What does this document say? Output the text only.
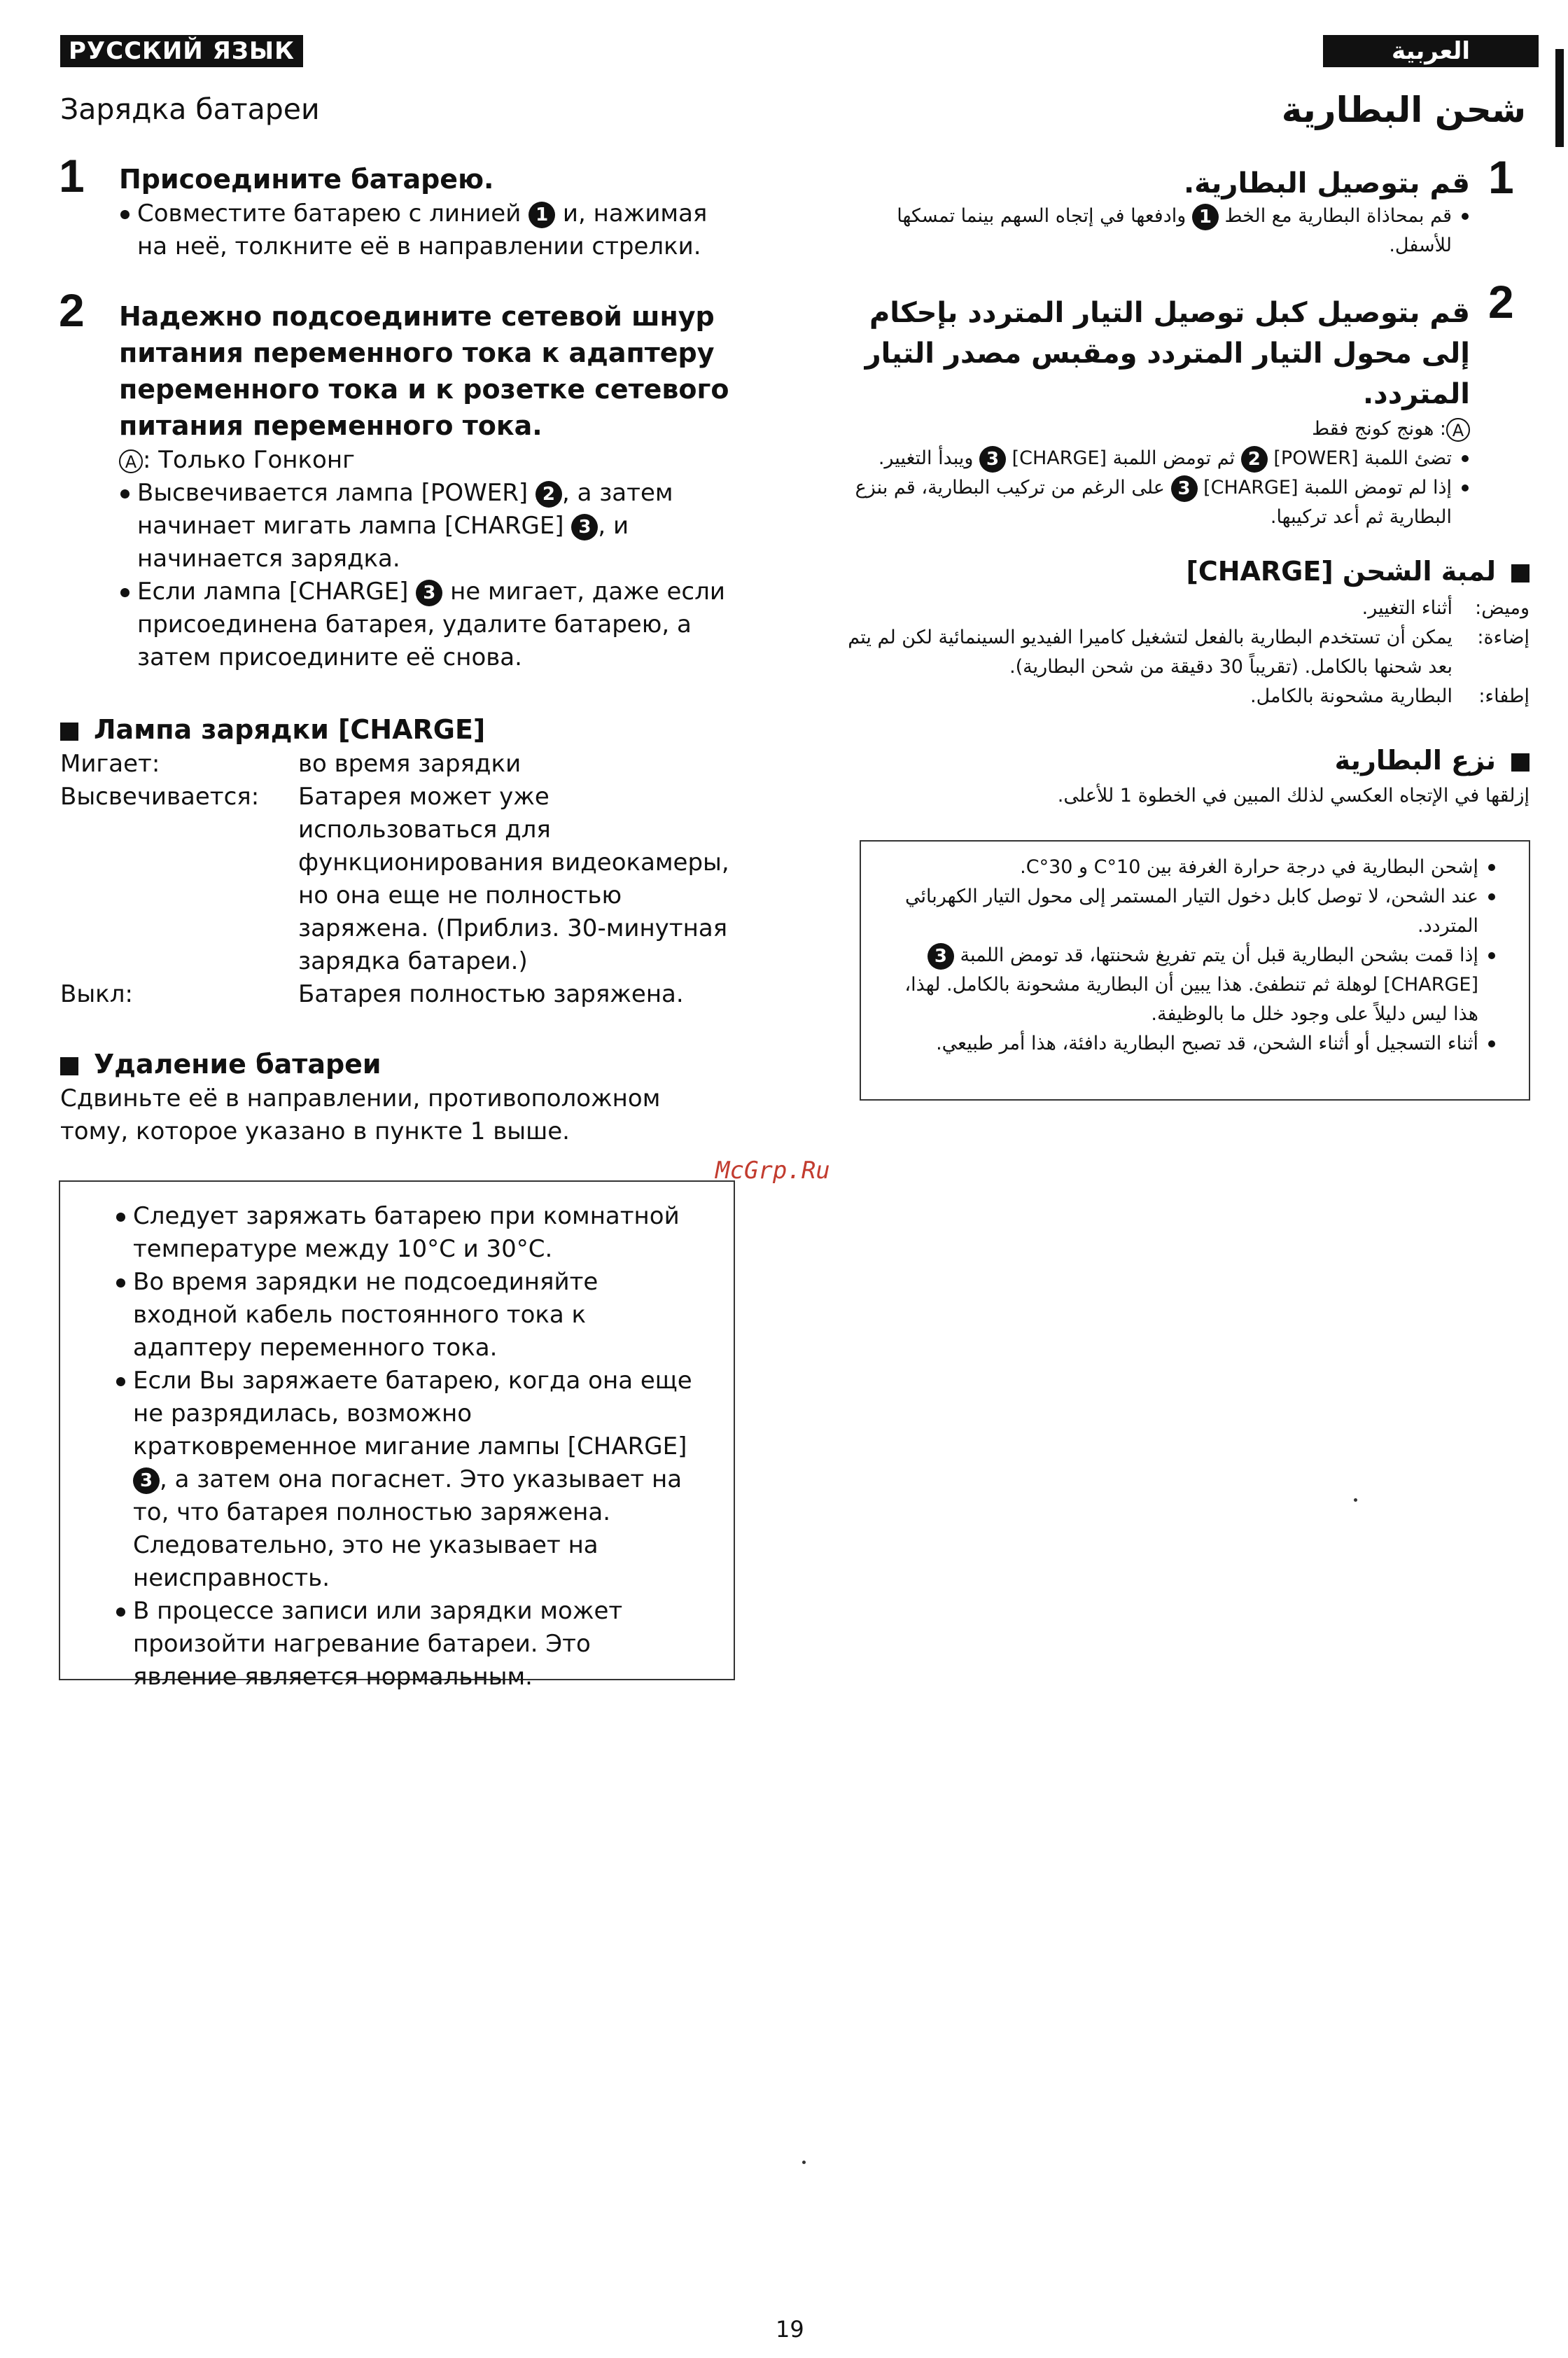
РУССКИЙ ЯЗЫК
Зарядка батареи
1 Присоедините батарею.
Совместите батарею с линией 1 и, нажимая на неё, толкните её в направлении стрелки.
2 Надежно подсоедините сетевой шнур питания переменного тока к адаптеру переменного тока и к розетке сетевого питания переменного тока.
A : Только Гонконг
Высвечивается лампа [POWER] 2 , а затем начинает мигать лампа [CHARGE] 3 , и начинается зарядка.
Если лампа [CHARGE] 3 не мигает, даже если присоединена батарея, удалите батарею, а затем присоедините её снова.
Лампа зарядки [CHARGE]
Мигает:	во время зарядки
Высвечивается:	Батарея может уже использоваться для функционирования видеокамеры, но она еще не полностью заряжена. (Приблиз. 30-минутная зарядка батареи.)
Выкл:	Батарея полностью заряжена.
Удаление батареи
Сдвиньте её в направлении, противоположном тому, которое указано в пункте 1 выше.
Следует заряжать батарею при комнатной температуре между 10°C и 30°C.
Во время зарядки не подсоединяйте входной кабель постоянного тока к адаптеру переменного тока.
Если Вы заряжаете батарею, когда она еще не разрядилась, возможно кратковременное мигание лампы [CHARGE] 3 , а затем она погаснет. Это указывает на то, что батарея полностью заряжена. Следовательно, это не указывает на неисправность.
В процессе записи или зарядки может произойти нагревание батареи. Это явление является нормальным.
العربية
شحن البطارية
1
قم بتوصيل البطارية.
قم بمحاذاة البطارية مع الخط 1 وادفعها في إتجاه السهم بينما تمسكها للأسفل.
2
قم بتوصيل كبل توصيل التيار المتردد بإحكام إلى محول التيار المتردد ومقبس مصدر التيار المتردد.
A: هونج كونج فقط
تضئ اللمبة [POWER] 2 ثم تومض اللمبة [CHARGE] 3 ويبدأ التغيير.
إذا لم تومض اللمبة [CHARGE] 3 على الرغم من تركيب البطارية، قم بنزع البطارية ثم أعد تركيبها.
لمبة الشحن [CHARGE]
وميض:
أثناء التغيير.
إضاءة:
يمكن أن تستخدم البطارية بالفعل لتشغيل كاميرا الفيديو السينمائية لكن لم يتم بعد شحنها بالكامل. (تقريباً 30 دقيقة من شحن البطارية).
إطفاء:
البطارية مشحونة بالكامل.
نزع البطارية
إزلقها في الإتجاه العكسي لذلك المبين في الخطوة 1 للأعلى.
إشحن البطارية في درجة حرارة الغرفة بين 10°C و 30°C.
عند الشحن، لا توصل كابل دخول التيار المستمر إلى محول التيار الكهربائي المتردد.
إذا قمت بشحن البطارية قبل أن يتم تفريغ شحنتها، قد تومض اللمبة 3 [CHARGE] لوهلة ثم تنطفئ. هذا يبين أن البطارية مشحونة بالكامل. لهذا، هذا ليس دليلاً على وجود خلل ما بالوظيفة.
أثناء التسجيل أو أثناء الشحن، قد تصبح البطارية دافئة، هذا أمر طبيعي.
McGrp.Ru
19
